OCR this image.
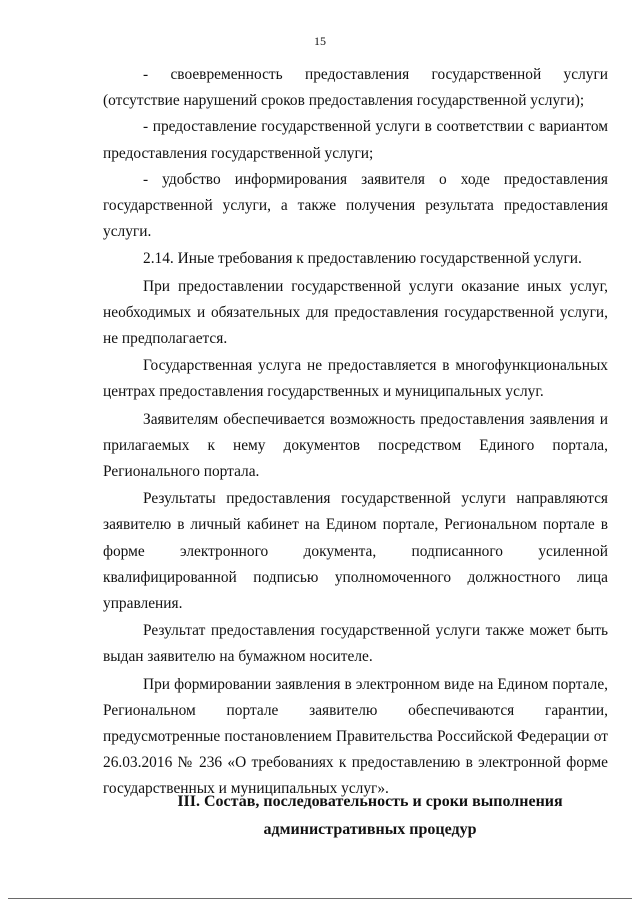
15

- своевременность предоставления государственной услуги (отсутствие нарушений сроков предоставления государственной услуги);

- предоставление государственной услуги в соответствии с вариантом предоставления государственной услуги;

- удобство информирования заявителя о ходе предоставления государственной услуги, а также получения результата предоставления услуги.

2.14. Иные требования к предоставлению государственной услуги.

При предоставлении государственной услуги оказание иных услуг, необходимых и обязательных для предоставления государственной услуги, не предполагается.

Государственная услуга не предоставляется в многофункциональных центрах предоставления государственных и муниципальных услуг.

Заявителям обеспечивается возможность предоставления заявления и прилагаемых к нему документов посредством Единого портала, Регионального портала.

Результаты предоставления государственной услуги направляются заявителю в личный кабинет на Едином портале, Региональном портале в форме электронного документа, подписанного усиленной квалифицированной подписью уполномоченного должностного лица управления.

Результат предоставления государственной услуги также может быть выдан заявителю на бумажном носителе.

При формировании заявления в электронном виде на Едином портале, Региональном портале заявителю обеспечиваются гарантии, предусмотренные постановлением Правительства Российской Федерации от 26.03.2016 № 236 «О требованиях к предоставлению в электронной форме государственных и муниципальных услуг».

III. Состав, последовательность и сроки выполнения
административных процедур
